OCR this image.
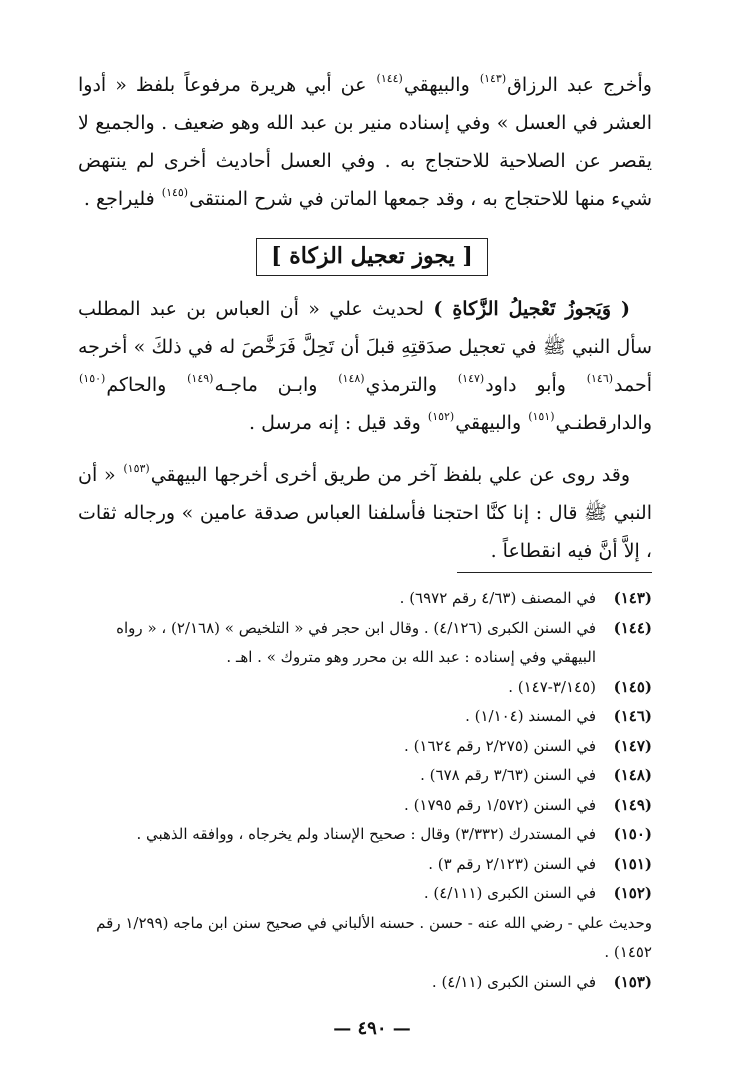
وأخرج عبد الرزاق$^{(١٤٣)}$ والبيهقي$^{(١٤٤)}$ عن أبي هريرة مرفوعاً بلفظ « أدوا العشر في العسل » وفي إسناده منير بن عبد الله وهو ضعيف . والجميع لا يقصر عن الصلاحية للاحتجاج به . وفي العسل أحاديث أخرى لم ينتهض شيء منها للاحتجاج به ، وقد جمعها الماتن في شرح المنتقى$^{(١٤٥)}$ فليراجع .

[ يجوز تعجيل الزكاة ]

( وَيَجوزُ تَعْجيلُ الزَّكاةِ ) لحديث علي « أن العباس بن عبد المطلب سأل النبي ﷺ في تعجيل صدَقتِهِ قبلَ أن تَحِلَّ فَرَخَّصَ له في ذلكَ » أخرجه أحمد$^{(١٤٦)}$ وأبو داود$^{(١٤٧)}$ والترمذي$^{(١٤٨)}$ وابـن ماجـه$^{(١٤٩)}$ والحاكم$^{(١٥٠)}$ والدارقطنـي$^{(١٥١)}$ والبيهقي$^{(١٥٢)}$ وقد قيل : إنه مرسل .

وقد روى عن علي بلفظ آخر من طريق أخرى أخرجها البيهقي$^{(١٥٣)}$ « أن النبي ﷺ قال : إنا كنَّا احتجنا فأسلفنا العباس صدقة عامين » ورجاله ثقات ، إلاَّ أنَّ فيه انقطاعاً .

(١٤٣)
في المصنف (٤/٦٣ رقم ٦٩٧٢) .
(١٤٤)
في السنن الكبرى (٤/١٢٦) . وقال ابن حجر في « التلخيص » (٢/١٦٨) ، « رواه البيهقي وفي إسناده : عبد الله بن محرر وهو متروك » . اهـ .
(١٤٥)
(٣/١٤٥-١٤٧) .
(١٤٦)
في المسند (١/١٠٤) .
(١٤٧)
في السنن (٢/٢٧٥ رقم ١٦٢٤) .
(١٤٨)
في السنن (٣/٦٣ رقم ٦٧٨) .
(١٤٩)
في السنن (١/٥٧٢ رقم ١٧٩٥) .
(١٥٠)
في المستدرك (٣/٣٣٢) وقال : صحيح الإسناد ولم يخرجاه ، ووافقه الذهبي .
(١٥١)
في السنن (٢/١٢٣ رقم ٣) .
(١٥٢)
في السنن الكبرى (٤/١١١) .
وحديث علي - رضي الله عنه - حسن . حسنه الألباني في صحيح سنن ابن ماجه (١/٢٩٩ رقم ١٤٥٢) .
(١٥٣)
في السنن الكبرى (٤/١١) .
— ٤٩٠ —
